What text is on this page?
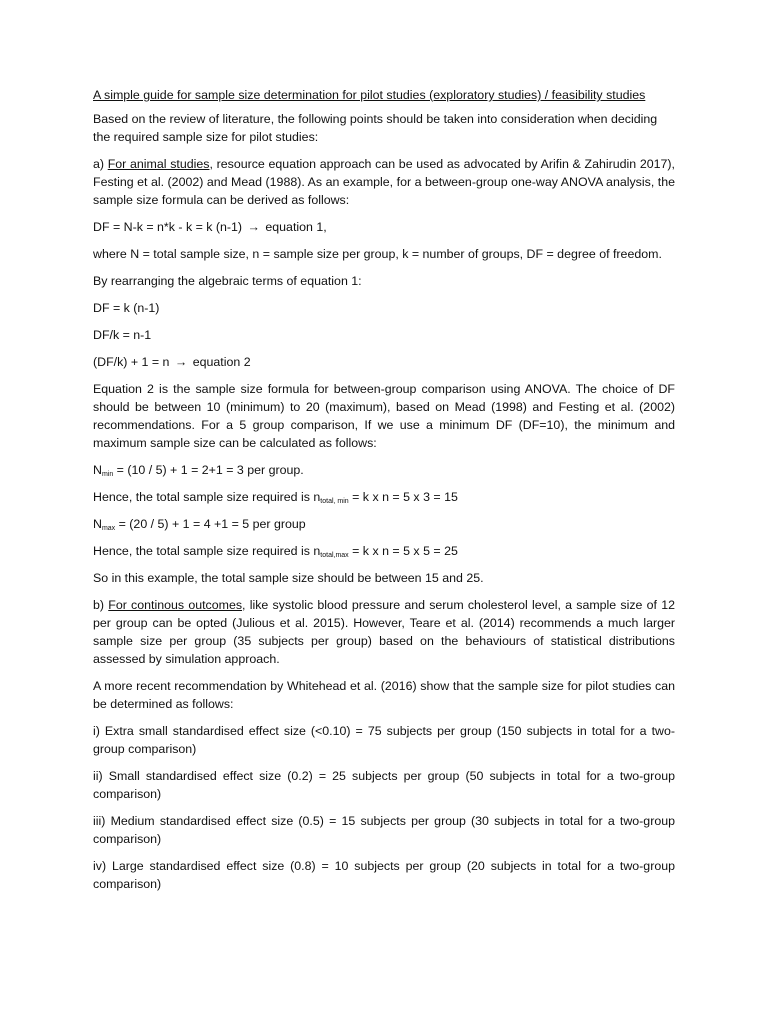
A simple guide for sample size determination for pilot studies (exploratory studies) / feasibility studies

Based on the review of literature, the following points should be taken into consideration when deciding the required sample size for pilot studies:

a) For animal studies, resource equation approach can be used as advocated by Arifin & Zahirudin 2017), Festing et al. (2002) and Mead (1988). As an example, for a between-group one-way ANOVA analysis, the sample size formula can be derived as follows:

DF = N-k = n*k - k = k (n-1) → equation 1,

where N = total sample size, n = sample size per group, k = number of groups, DF = degree of freedom.

By rearranging the algebraic terms of equation 1:

DF = k (n-1)

DF/k = n-1

(DF/k) + 1 = n → equation 2

Equation 2 is the sample size formula for between-group comparison using ANOVA. The choice of DF should be between 10 (minimum) to 20 (maximum), based on Mead (1998) and Festing et al. (2002) recommendations. For a 5 group comparison, If we use a minimum DF (DF=10), the minimum and maximum sample size can be calculated as follows:

$N_{min} = (10 / 5) + 1 = 2+1 = 3$ per group.

Hence, the total sample size required is $n_{total, min} = k$ x n = 5 x 3 = 15

$N_{max} = (20 / 5) + 1 = 4 +1 = 5$ per group

Hence, the total sample size required is $n_{total,max} = k$ x n = 5 x 5 = 25

So in this example, the total sample size should be between 15 and 25.

b) For continous outcomes, like systolic blood pressure and serum cholesterol level, a sample size of 12 per group can be opted (Julious et al. 2015). However, Teare et al. (2014) recommends a much larger sample size per group (35 subjects per group) based on the behaviours of statistical distributions assessed by simulation approach.

A more recent recommendation by Whitehead et al. (2016) show that the sample size for pilot studies can be determined as follows:

i) Extra small standardised effect size (<0.10) = 75 subjects per group (150 subjects in total for a two-group comparison)

ii) Small standardised effect size (0.2) = 25 subjects per group (50 subjects in total for a two-group comparison)

iii) Medium standardised effect size (0.5) = 15 subjects per group (30 subjects in total for a two-group comparison)

iv) Large standardised effect size (0.8) = 10 subjects per group (20 subjects in total for a two-group comparison)
